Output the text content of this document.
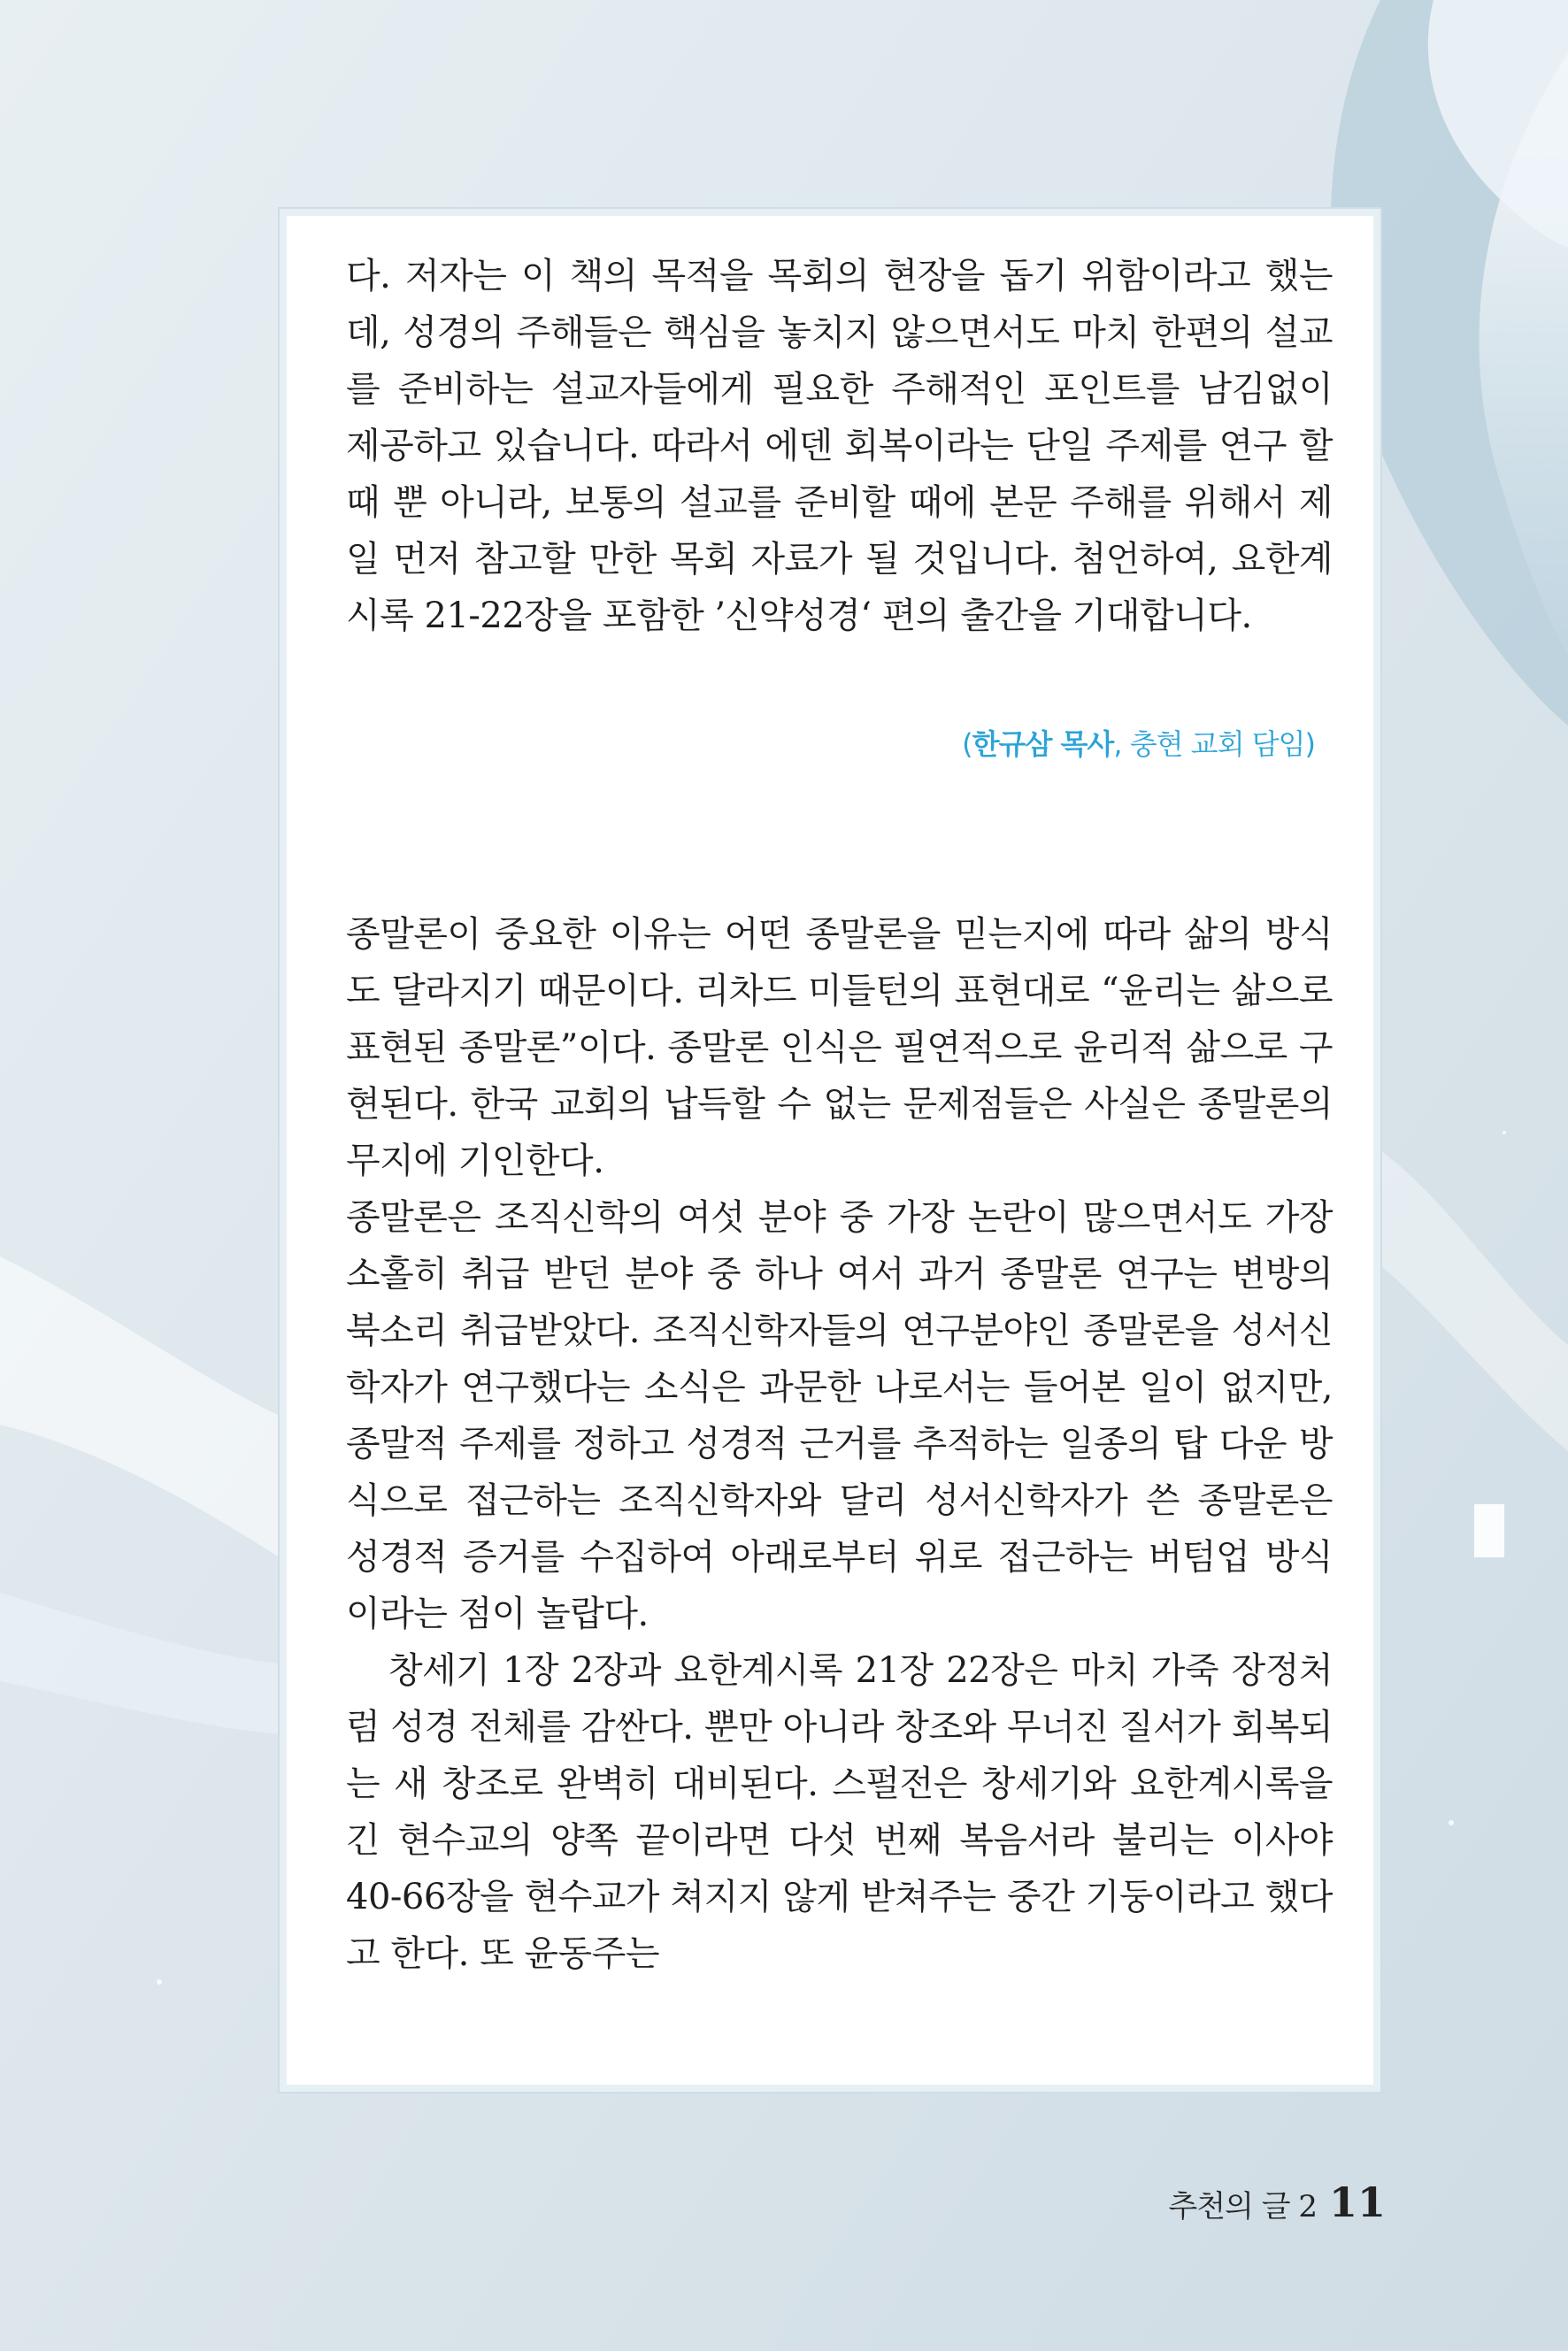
다. 저자는 이 책의 목적을 목회의 현장을 돕기 위함이라고 했는데, 성경의 주해들은 핵심을 놓치지 않으면서도 마치 한편의 설교를 준비하는 설교자들에게 필요한 주해적인 포인트를 남김없이 제공하고 있습니다. 따라서 에덴 회복이라는 단일 주제를 연구 할 때 뿐 아니라, 보통의 설교를 준비할 때에 본문 주해를 위해서 제일 먼저 참고할 만한 목회 자료가 될 것입니다. 첨언하여, 요한계시록 21-22장을 포함한 ’신약성경‘ 편의 출간을 기대합니다.

(한규삼 목사, 충현 교회 담임)

종말론이 중요한 이유는 어떤 종말론을 믿는지에 따라 삶의 방식도 달라지기 때문이다. 리차드 미들턴의 표현대로 “윤리는 삶으로 표현된 종말론”이다. 종말론 인식은 필연적으로 윤리적 삶으로 구현된다. 한국 교회의 납득할 수 없는 문제점들은 사실은 종말론의 무지에 기인한다.

종말론은 조직신학의 여섯 분야 중 가장 논란이 많으면서도 가장 소홀히 취급 받던 분야 중 하나 여서 과거 종말론 연구는 변방의 북소리 취급받았다. 조직신학자들의 연구분야인 종말론을 성서신학자가 연구했다는 소식은 과문한 나로서는 들어본 일이 없지만, 종말적 주제를 정하고 성경적 근거를 추적하는 일종의 탑 다운 방식으로 접근하는 조직신학자와 달리 성서신학자가 쓴 종말론은 성경적 증거를 수집하여 아래로부터 위로 접근하는 버텀업 방식이라는 점이 놀랍다.

창세기 1장 2장과 요한계시록 21장 22장은 마치 가죽 장정처럼 성경 전체를 감싼다. 뿐만 아니라 창조와 무너진 질서가 회복되는 새 창조로 완벽히 대비된다. 스펄전은 창세기와 요한계시록을 긴 현수교의 양쪽 끝이라면 다섯 번째 복음서라 불리는 이사야 40-66장을 현수교가 쳐지지 않게 받쳐주는 중간 기둥이라고 했다고 한다. 또 윤동주는

추천의 글 2 11
